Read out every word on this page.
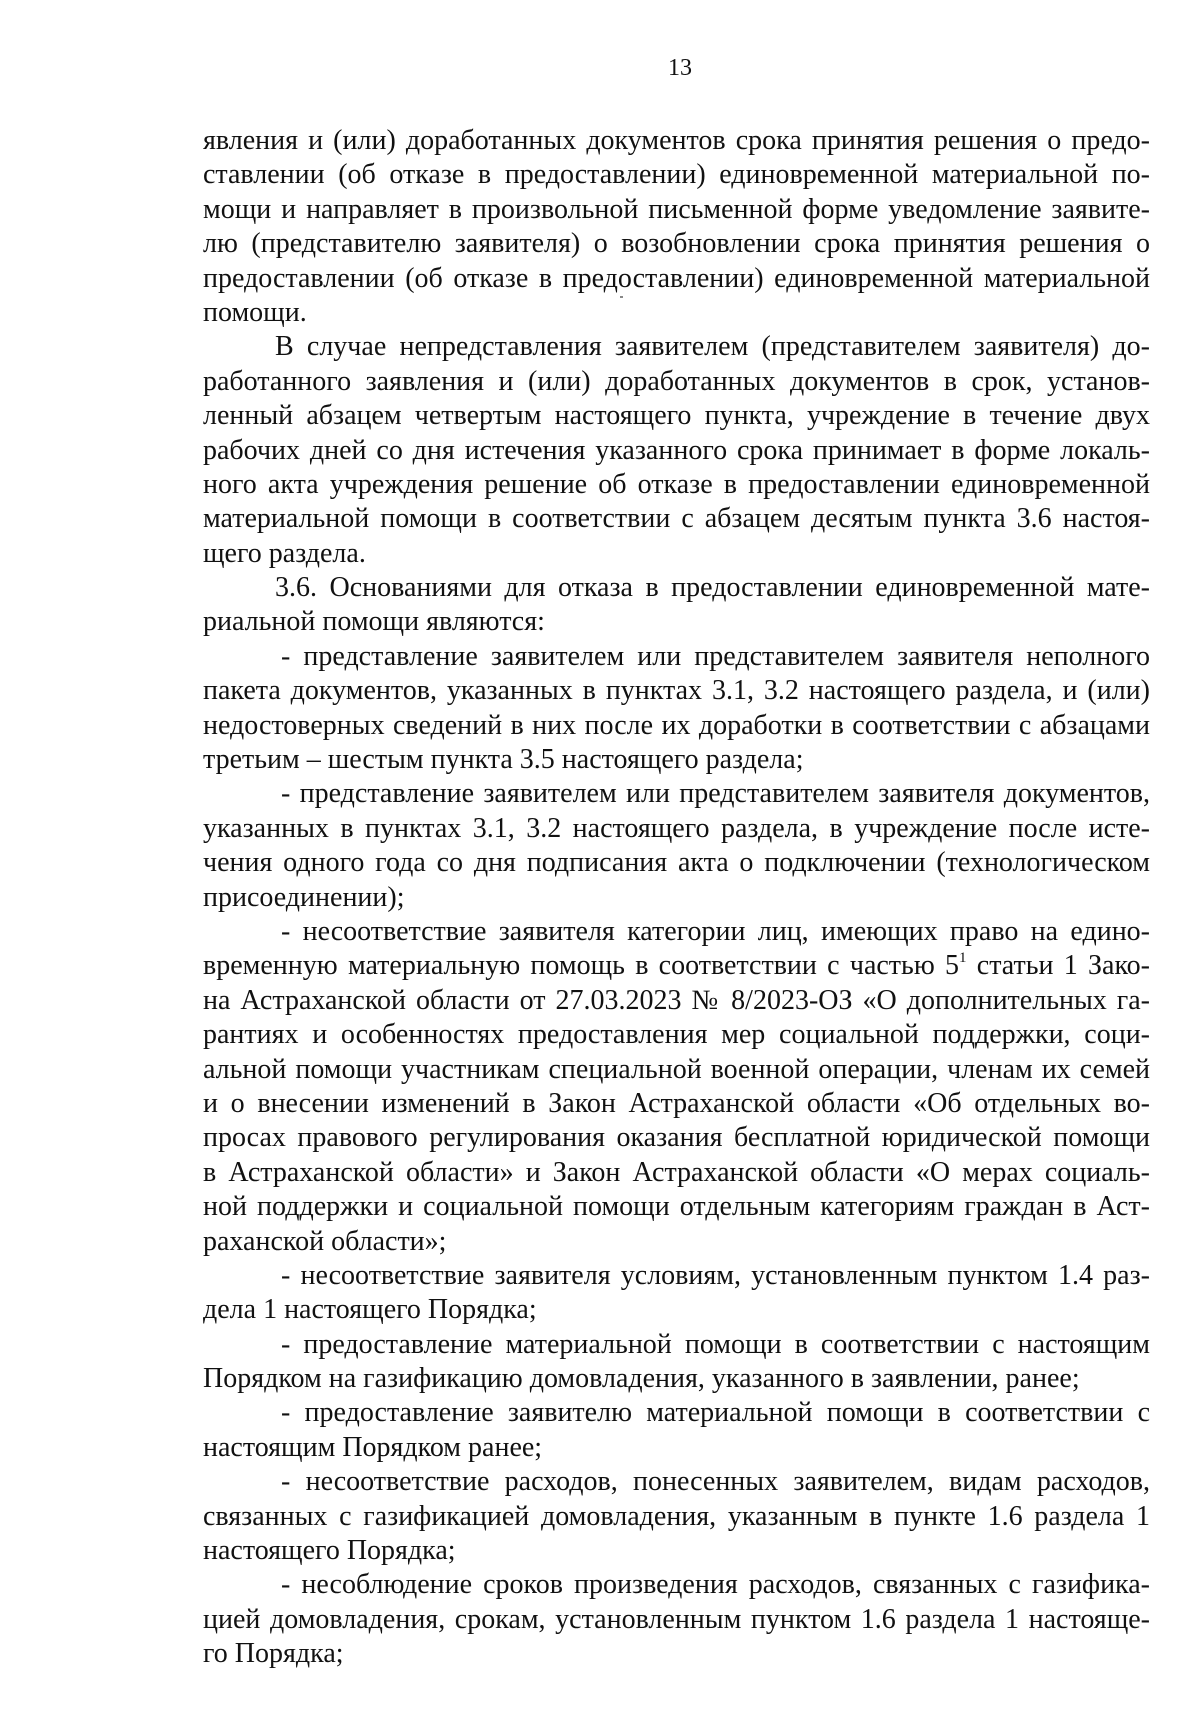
13
явления и (или) доработанных документов срока принятия решения о предо-
ставлении (об отказе в предоставлении) единовременной материальной по-
мощи и направляет в произвольной письменной форме уведомление заявите-
лю (представителю заявителя) о возобновлении срока принятия решения о
предоставлении (об отказе в предоставлении) единовременной материальной
помощи.
В случае непредставления заявителем (представителем заявителя) до-
работанного заявления и (или) доработанных документов в срок, установ-
ленный абзацем четвертым настоящего пункта, учреждение в течение двух
рабочих дней со дня истечения указанного срока принимает в форме локаль-
ного акта учреждения решение об отказе в предоставлении единовременной
материальной помощи в соответствии с абзацем десятым пункта 3.6 настоя-
щего раздела.
3.6. Основаниями для отказа в предоставлении единовременной мате-
риальной помощи являются:
- представление заявителем или представителем заявителя неполного
пакета документов, указанных в пунктах 3.1, 3.2 настоящего раздела, и (или)
недостоверных сведений в них после их доработки в соответствии с абзацами
третьим – шестым пункта 3.5 настоящего раздела;
- представление заявителем или представителем заявителя документов,
указанных в пунктах 3.1, 3.2 настоящего раздела, в учреждение после исте-
чения одного года со дня подписания акта о подключении (технологическом
присоединении);
- несоответствие заявителя категории лиц, имеющих право на едино-
временную материальную помощь в соответствии с частью $5^1$ статьи 1 Зако-
на Астраханской области от 27.03.2023 № 8/2023-ОЗ «О дополнительных га-
рантиях и особенностях предоставления мер социальной поддержки, соци-
альной помощи участникам специальной военной операции, членам их семей
и о внесении изменений в Закон Астраханской области «Об отдельных во-
просах правового регулирования оказания бесплатной юридической помощи
в Астраханской области» и Закон Астраханской области «О мерах социаль-
ной поддержки и социальной помощи отдельным категориям граждан в Аст-
раханской области»;
- несоответствие заявителя условиям, установленным пунктом 1.4 раз-
дела 1 настоящего Порядка;
- предоставление материальной помощи в соответствии с настоящим
Порядком на газификацию домовладения, указанного в заявлении, ранее;
- предоставление заявителю материальной помощи в соответствии с
настоящим Порядком ранее;
- несоответствие расходов, понесенных заявителем, видам расходов,
связанных с газификацией домовладения, указанным в пункте 1.6 раздела 1
настоящего Порядка;
- несоблюдение сроков произведения расходов, связанных с газифика-
цией домовладения, срокам, установленным пунктом 1.6 раздела 1 настояще-
го Порядка;
